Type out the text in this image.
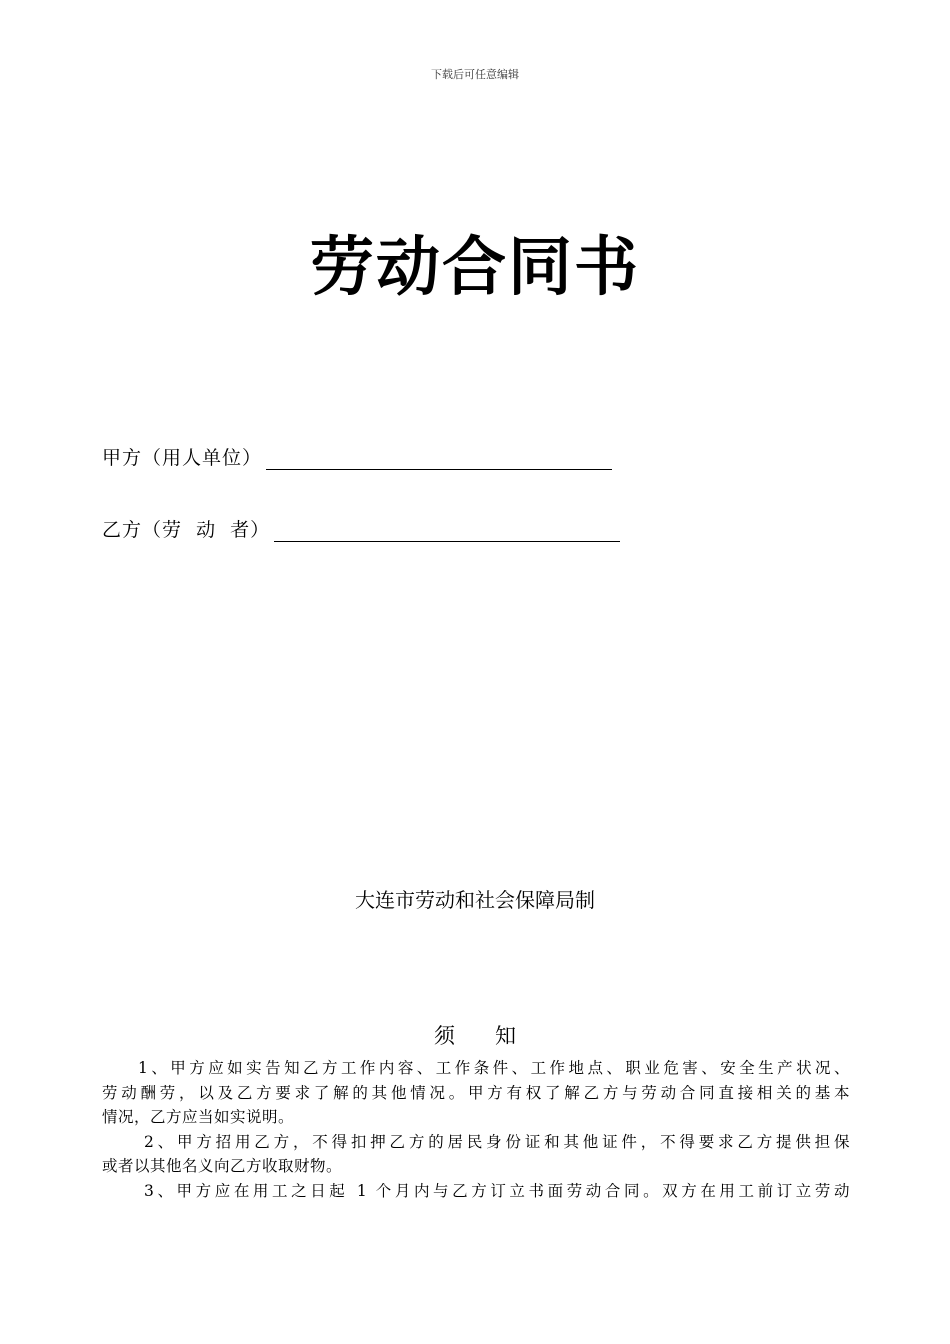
下载后可任意编辑
劳动合同书
甲方（用人单位）
乙方（劳  动  者）
大连市劳动和社会保障局制
须      知
1、甲方应如实告知乙方工作内容、工作条件、工作地点、职业危害、安全生产状况、
劳动酬劳，以及乙方要求了解的其他情况。甲方有权了解乙方与劳动合同直接相关的基本
情况，乙方应当如实说明。
2、甲方招用乙方，不得扣押乙方的居民身份证和其他证件，不得要求乙方提供担保
或者以其他名义向乙方收取财物。
3、甲方应在用工之日起 1 个月内与乙方订立书面劳动合同。双方在用工前订立劳动
